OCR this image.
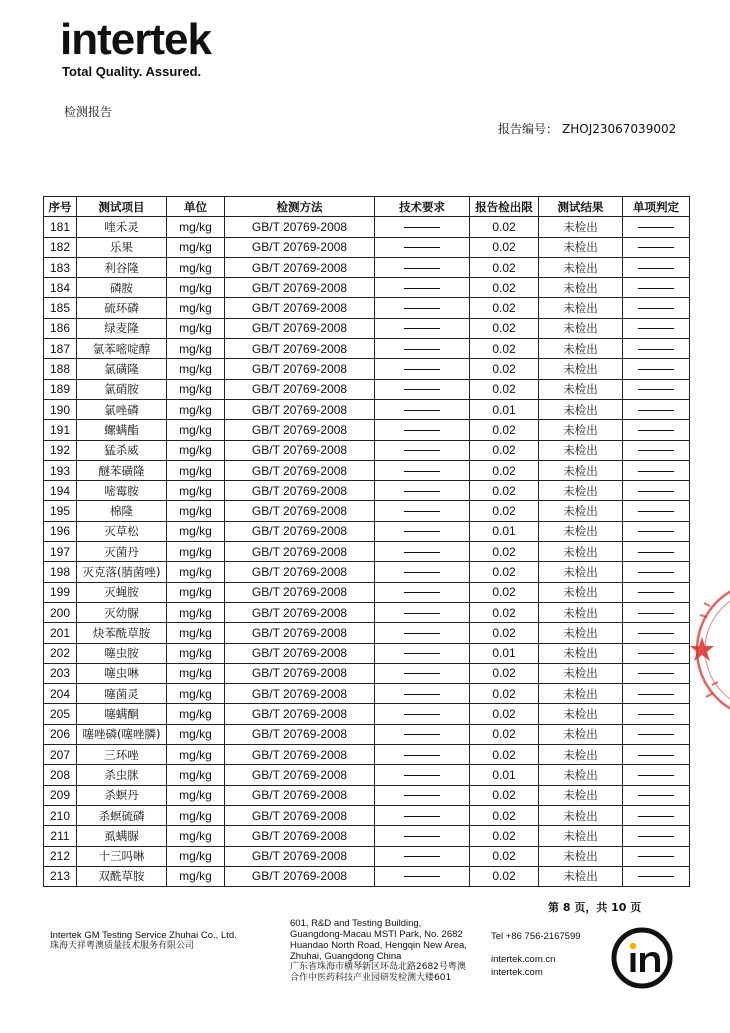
intertek
Total Quality. Assured.
检测报告
报告编号： ZHOJ23067039002
序号	测试项目	单位	检测方法	技术要求	报告检出限	测试结果	单项判定
181	喹禾灵	mg/kg	GB/T 20769-2008		0.02	未检出	
182	乐果	mg/kg	GB/T 20769-2008		0.02	未检出	
183	利谷隆	mg/kg	GB/T 20769-2008		0.02	未检出	
184	磷胺	mg/kg	GB/T 20769-2008		0.02	未检出	
185	硫环磷	mg/kg	GB/T 20769-2008		0.02	未检出	
186	绿麦隆	mg/kg	GB/T 20769-2008		0.02	未检出	
187	氯苯嘧啶醇	mg/kg	GB/T 20769-2008		0.02	未检出	
188	氯磺隆	mg/kg	GB/T 20769-2008		0.02	未检出	
189	氯硝胺	mg/kg	GB/T 20769-2008		0.02	未检出	
190	氯唑磷	mg/kg	GB/T 20769-2008		0.01	未检出	
191	螺螨酯	mg/kg	GB/T 20769-2008		0.02	未检出	
192	猛杀威	mg/kg	GB/T 20769-2008		0.02	未检出	
193	醚苯磺隆	mg/kg	GB/T 20769-2008		0.02	未检出	
194	嘧霉胺	mg/kg	GB/T 20769-2008		0.02	未检出	
195	棉隆	mg/kg	GB/T 20769-2008		0.02	未检出	
196	灭草松	mg/kg	GB/T 20769-2008		0.01	未检出	
197	灭菌丹	mg/kg	GB/T 20769-2008		0.02	未检出	
198	灭克落(腈菌唑)	mg/kg	GB/T 20769-2008		0.02	未检出	
199	灭蝇胺	mg/kg	GB/T 20769-2008		0.02	未检出	
200	灭幼脲	mg/kg	GB/T 20769-2008		0.02	未检出	
201	炔苯酰草胺	mg/kg	GB/T 20769-2008		0.02	未检出	
202	噻虫胺	mg/kg	GB/T 20769-2008		0.01	未检出	
203	噻虫啉	mg/kg	GB/T 20769-2008		0.02	未检出	
204	噻菌灵	mg/kg	GB/T 20769-2008		0.02	未检出	
205	噻螨酮	mg/kg	GB/T 20769-2008		0.02	未检出	
206	噻唑磷(噻唑膦)	mg/kg	GB/T 20769-2008		0.02	未检出	
207	三环唑	mg/kg	GB/T 20769-2008		0.02	未检出	
208	杀虫脒	mg/kg	GB/T 20769-2008		0.01	未检出	
209	杀螟丹	mg/kg	GB/T 20769-2008		0.02	未检出	
210	杀螟硫磷	mg/kg	GB/T 20769-2008		0.02	未检出	
211	虱螨脲	mg/kg	GB/T 20769-2008		0.02	未检出	
212	十三吗啉	mg/kg	GB/T 20769-2008		0.02	未检出	
213	双酰草胺	mg/kg	GB/T 20769-2008		0.02	未检出	
第 8 页，共 10 页
Intertek GM Testing Service Zhuhai Co., Ltd.
珠海天祥粤澳质量技术服务有限公司
601, R&D and Testing Building,
Guangdong-Macau MSTI Park, No. 2682
Huandao North Road, Hengqin New Area,
Zhuhai, Guangdong China
广东省珠海市横琴新区环岛北路2682号粤澳
合作中医药科技产业园研发检测大楼601
Tel +86 756-2167599
intertek.com.cn
intertek.com
